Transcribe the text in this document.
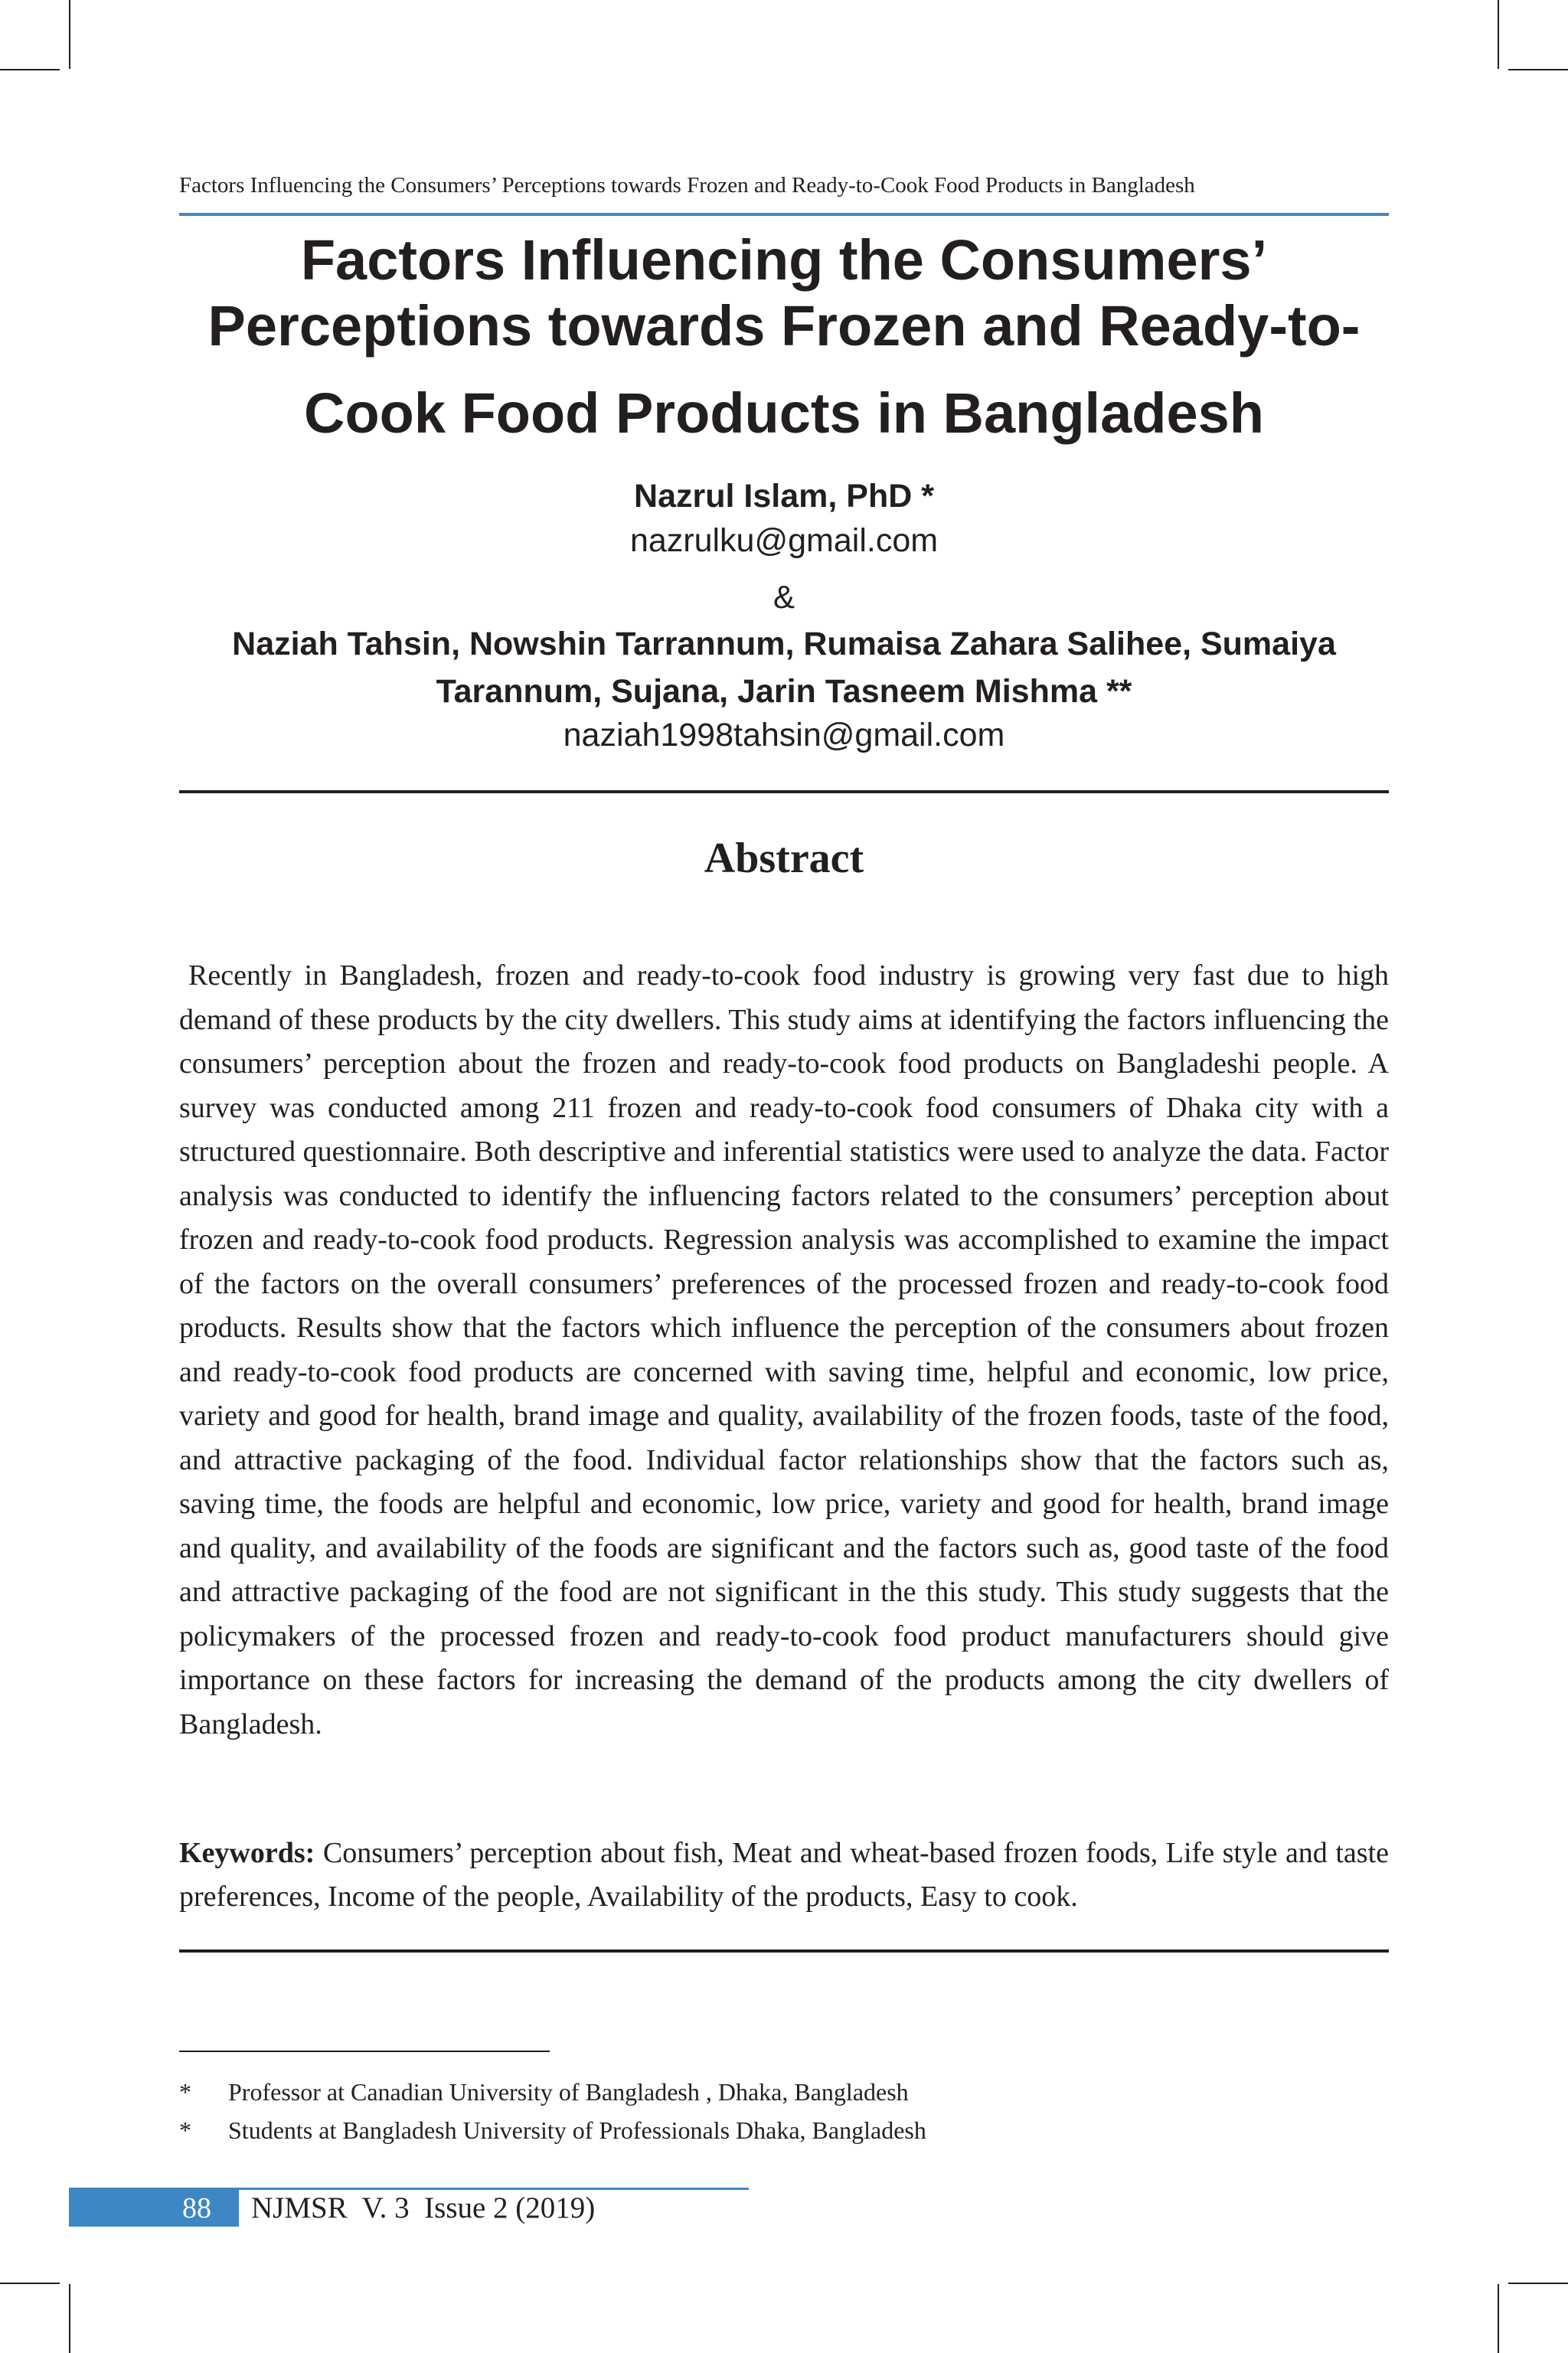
Factors Influencing the Consumers’ Perceptions towards Frozen and Ready-to-Cook Food Products in Bangladesh
Factors Influencing the Consumers’
Perceptions towards Frozen and Ready-to-
Cook Food Products in Bangladesh
Nazrul Islam, PhD *
nazrulku@gmail.com
&
Naziah Tahsin, Nowshin Tarrannum, Rumaisa Zahara Salihee, Sumaiya
Tarannum, Sujana, Jarin Tasneem Mishma **
naziah1998tahsin@gmail.com
Abstract
Recently in Bangladesh, frozen and ready-to-cook food industry is growing very fast due to high demand of these products by the city dwellers. This study aims at identifying the factors influencing the consumers’ perception about the frozen and ready-to-cook food products on Bangladeshi people. A survey was conducted among 211 frozen and ready-to-cook food consumers of Dhaka city with a structured questionnaire. Both descriptive and inferential statistics were used to analyze the data. Factor analysis was conducted to identify the influencing factors related to the consumers’ perception about frozen and ready-to-cook food products. Regression analysis was accomplished to examine the impact of the factors on the overall consumers’ preferences of the processed frozen and ready-to-cook food products. Results show that the factors which influence the perception of the consumers about frozen and ready-to-cook food products are concerned with saving time, helpful and economic, low price, variety and good for health, brand image and quality, availability of the frozen foods, taste of the food, and attractive packaging of the food. Individual factor relationships show that the factors such as, saving time, the foods are helpful and economic, low price, variety and good for health, brand image and quality, and availability of the foods are significant and the factors such as, good taste of the food and attractive packaging of the food are not significant in the this study. This study suggests that the policymakers of the processed frozen and ready-to-cook food product manufacturers should give importance on these factors for increasing the demand of the products among the city dwellers of Bangladesh.
Keywords: Consumers’ perception about fish, Meat and wheat-based frozen foods, Life style and taste preferences, Income of the people, Availability of the products, Easy to cook.
* Professor at Canadian University of Bangladesh , Dhaka, Bangladesh
* Students at Bangladesh University of Professionals Dhaka, Bangladesh
88	NJMSR  V. 3  Issue 2 (2019)
